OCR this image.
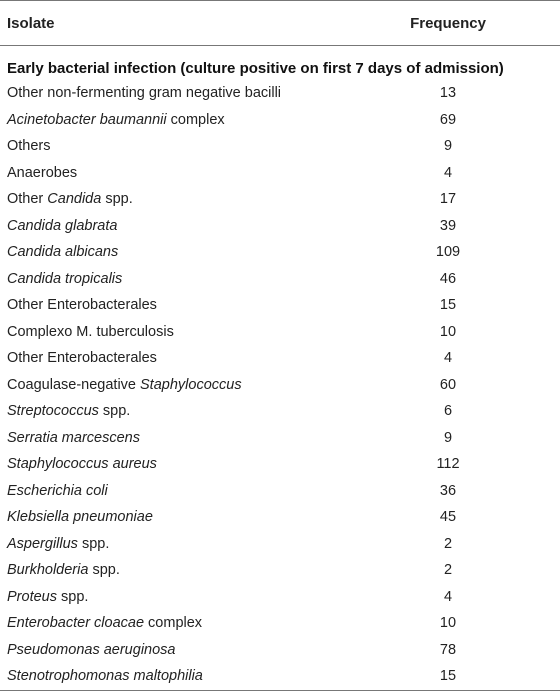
Isolate	Frequency
Early bacterial infection (culture positive on first 7 days of admission)
Other non-fermenting gram negative bacilli	13
Acinetobacter baumannii complex	69
Others	9
Anaerobes	4
Other Candida spp.	17
Candida glabrata	39
Candida albicans	109
Candida tropicalis	46
Other Enterobacterales	15
Complexo M. tuberculosis	10
Other Enterobacterales	4
Coagulase-negative Staphylococcus	60
Streptococcus spp.	6
Serratia marcescens	9
Staphylococcus aureus	112
Escherichia coli	36
Klebsiella pneumoniae	45
Aspergillus spp.	2
Burkholderia spp.	2
Proteus spp.	4
Enterobacter cloacae complex	10
Pseudomonas aeruginosa	78
Stenotrophomonas maltophilia	15
